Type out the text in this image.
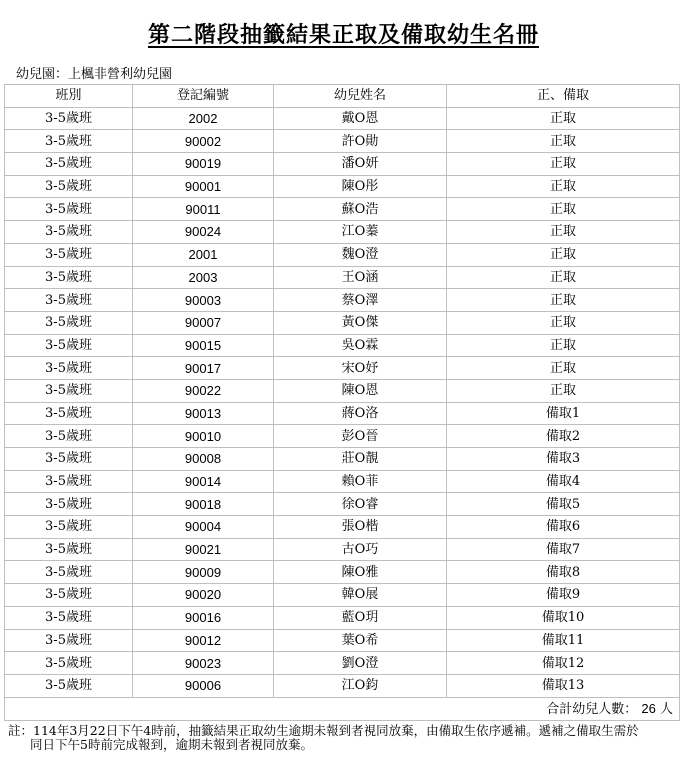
第二階段抽籤結果正取及備取幼生名冊
幼兒園：上楓非營利幼兒園
班別	登記編號	幼兒姓名	正、備取
3-5歲班	2002	戴O恩	正取
3-5歲班	90002	許O勛	正取
3-5歲班	90019	潘O妍	正取
3-5歲班	90001	陳O彤	正取
3-5歲班	90011	蘇O浩	正取
3-5歲班	90024	江O蓁	正取
3-5歲班	2001	魏O澄	正取
3-5歲班	2003	王O涵	正取
3-5歲班	90003	蔡O澤	正取
3-5歲班	90007	黃O傑	正取
3-5歲班	90015	吳O霖	正取
3-5歲班	90017	宋O妤	正取
3-5歲班	90022	陳O恩	正取
3-5歲班	90013	蔣O洛	備取1
3-5歲班	90010	彭O晉	備取2
3-5歲班	90008	莊O靚	備取3
3-5歲班	90014	賴O菲	備取4
3-5歲班	90018	徐O睿	備取5
3-5歲班	90004	張O楷	備取6
3-5歲班	90021	古O巧	備取7
3-5歲班	90009	陳O雅	備取8
3-5歲班	90020	韓O展	備取9
3-5歲班	90016	藍O玥	備取10
3-5歲班	90012	葉O希	備取11
3-5歲班	90023	劉O澄	備取12
3-5歲班	90006	江O鈞	備取13
合計幼兒人數： 26 人			
註：114年3月22日下午4時前，抽籤結果正取幼生逾期未報到者視同放棄，由備取生依序遞補。遞補之備取生需於
同日下午5時前完成報到，逾期未報到者視同放棄。
